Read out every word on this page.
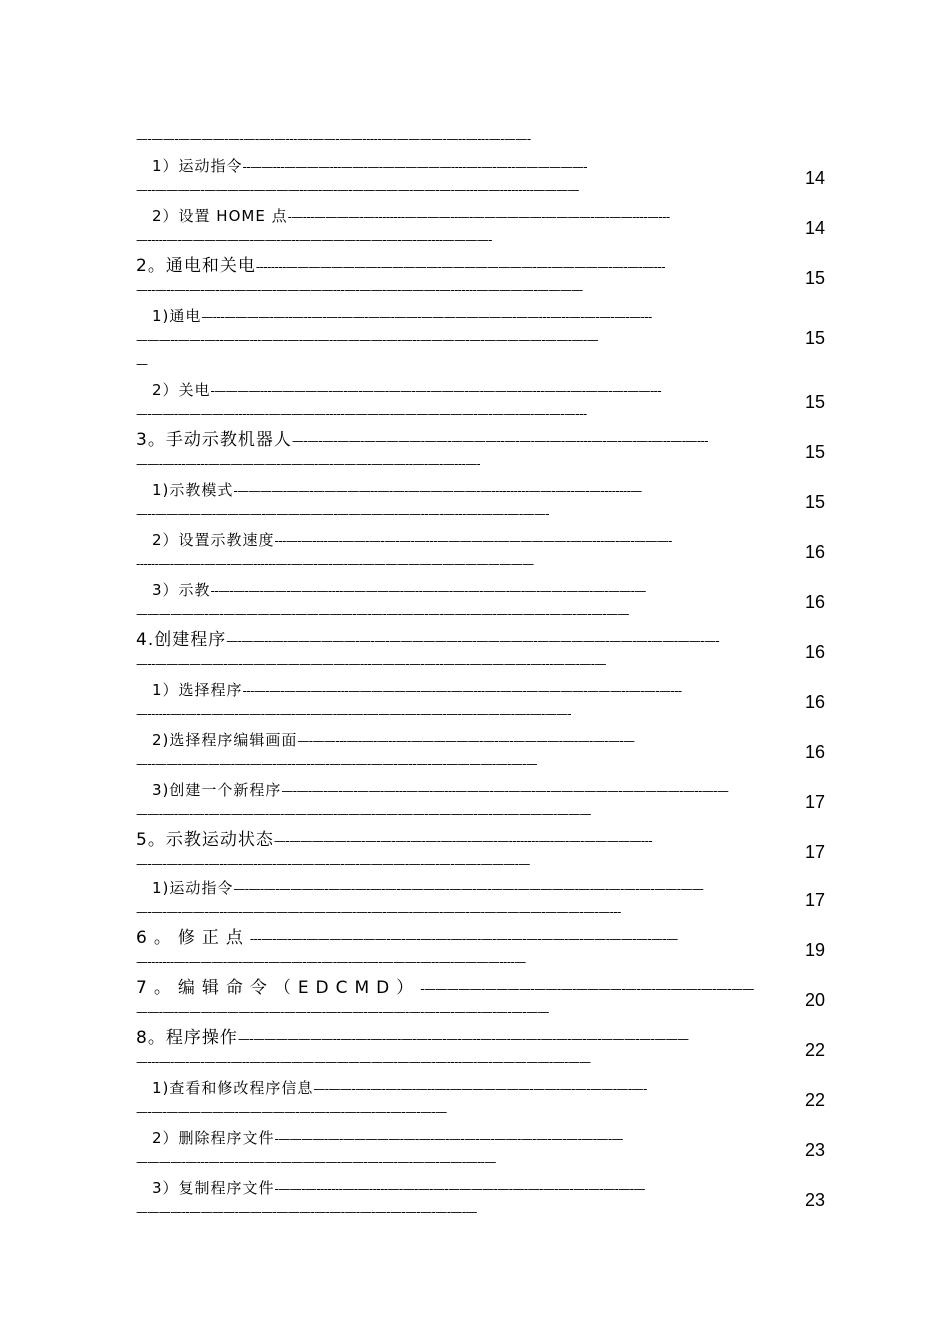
—-——-————-—-—-—-—---—-——-——-----—-————-—--—---—-——-
1）运动指令--——---————---——-—-——————----—-—-—--——————-
—--————-————-————--—-—-—-—————-——-—-—---——---------————
14
2）设置 HOME 点-—---————-—--------————--—-——————-————-—-——----—---
—-----—-——————-——-—--—————-——-—-—-—----————-
14
2。通电和关电--------————————-—————-————————-—-—————-—-—-—---
—--—--—-—-—-—-——-—-—————---—-——-—-———-—-------—————-————
15
1)通电—---————-—--—--—-—-——-——-——-————————-——---—--—-—-—-—-—---
———--——-—--—-—---——-—-—-—--————-—-—--————-—-—————-——-—-—
—
15
2）关电-————---—————-—-—-——-——-—-———-—-———-—---——-—-——-—-——---
—-——-—————-----—-—————-----————-———————-—-——-—-—-—-—---
15
3。手动示教机器人—-—-—-——-—————-——-————--—-—-—-—-—----—-—-—-—-—--—-—---
——-—---—---——————-———-—-———-———--—-—-—---—-
15
1)示教模式-————-——-—————--—-—-——————-—----------——-—--—-—--------—
—--—————-————-——————-—————-——--—-—---—-——-—-——-
15
2）设置示教速度---—-—----—-——-—-—-—-—---—————-——————-——---—-—-———-
------—-—-—-——-——------—-——-—-—-—-———————————————
16
3）示教--—-—-—-——-——-—----—————-—--—-—-—-—-——-—-—-——-——-—-——-—
——————-—-——————-—————-—-—-—-——-—-——-——-—-———-——-—-—-——
16
4.创建程序—-——--—-——————-—-—-——————-—-—————-——————-——-—-——-——-—-
—--——————-—-—————————-—---———-—-—--——-—————-—---——-—-—
16
1）选择程序---—-—-——-—-—---——————-—-—-——---—-——-—————-———--—-—-—---
—------—-—-———-——-—-—-—-——-—-—-———-—-——-—-—-———-—-—-——-
16
2)选择程序编辑画面—-——---—-—-—--—-——————-—-—-————-—-—-—-—-—
—--——-—-———-—-——-—--—--—-——-—-——-—--—-—-————-—-—-—
16
3)创建一个新程序—-—-—-—-—-——-—---——-—---———-—-——-—-——————-—————-—--—-—
——-—-—-—-—————-—-———-—-———-——-——-————-—-—-————-———
17
5。示教运动状态—-—————-—-—-—-—-—-—-—-—-——-—--------—-—-—-—————---
—-—-—-——-—--—-—--—-—-———-—-—-————-—-—-—-——-———-—
17
1)运动指令—-—-—-————-——-—-—-—-————-——-—-——-—————-—-—-—-—-—-——-——
—-—-—-——-—--—-—————-———-—-—-—-——-—-—-——-—-—————-———-—-—---
17
6。修正点---—-—-—-———————-—-—-—-—-—-—-—-—-—-—-——-—-——-——-—-—-—
—-------—-———-—-——-———-—-—-—-—-—-———-—--—-————----—
19
7。编辑命令（EDCMD）-—————-————-——-—-————-—-—-—-—-—-—-—-——
——-—-———-———-—-—-——-—-—-——-—-——-—-—-—-——-—-—-—-——
20
8。程序操作—-———————--—-—-—-—-—-—-—-—-—--—-—-—-—-—-—-—-—-———-—-———
—---—-—-—-——-—--—-—-——————————-———-—----—-—-—————-—-——
22
1)查看和修改程序信息—-——-—-—-—-—-—--—-———————-——-—-—-——-—-—-
—-—-——————-—————-—-—-—-—-—-—-—-—-—-—
22
2）删除程序文件-————-—-—————-—-—-—-—-—-—-——-—-—-—-—-—-—-—
————-—---—-—-—-——-—————-——-—-—-—-——-——-—--—
23
3）复制程序文件-——-—-------—-—-----—-—-—-—-————-—-—-—-—-—-—-—-—-—-—
————--————-———-———-—-—-—-—-—-—-—-—-—-—-—
23
